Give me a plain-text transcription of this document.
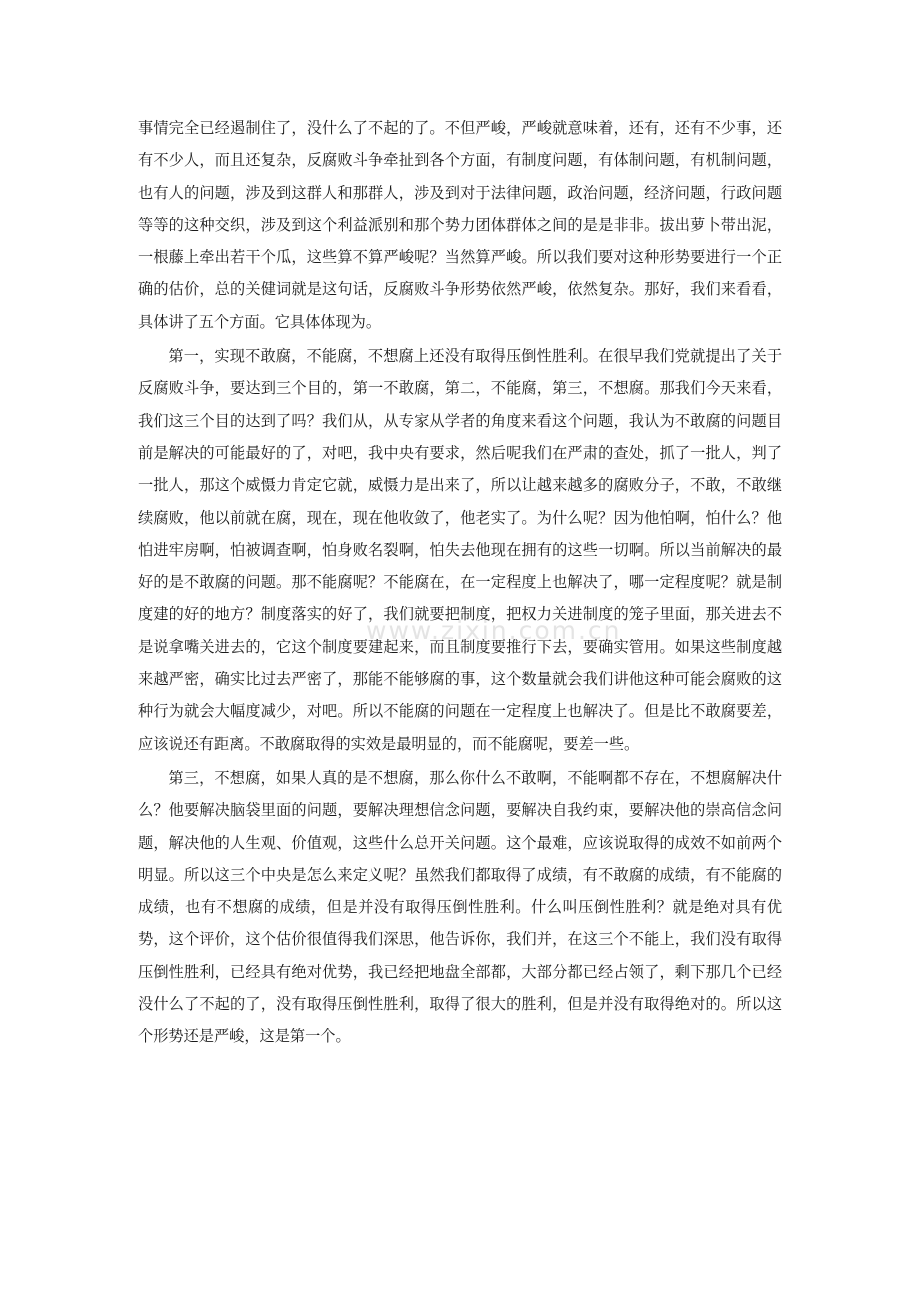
事情完全已经遏制住了，没什么了不起的了。不但严峻，严峻就意味着，还有，还有不少事，还有不少人，而且还复杂，反腐败斗争牵扯到各个方面，有制度问题，有体制问题，有机制问题，也有人的问题，涉及到这群人和那群人，涉及到对于法律问题，政治问题，经济问题，行政问题等等的这种交织，涉及到这个利益派别和那个势力团体群体之间的是是非非。拔出萝卜带出泥，一根藤上牵出若干个瓜，这些算不算严峻呢？当然算严峻。所以我们要对这种形势要进行一个正确的估价，总的关健词就是这句话，反腐败斗争形势依然严峻，依然复杂。那好，我们来看看，具体讲了五个方面。它具体体现为。

第一，实现不敢腐，不能腐，不想腐上还没有取得压倒性胜利。在很早我们党就提出了关于反腐败斗争，要达到三个目的，第一不敢腐，第二，不能腐，第三，不想腐。那我们今天来看，我们这三个目的达到了吗？我们从，从专家从学者的角度来看这个问题，我认为不敢腐的问题目前是解决的可能最好的了，对吧，我中央有要求，然后呢我们在严肃的查处，抓了一批人，判了一批人，那这个威慑力肯定它就，威慑力是出来了，所以让越来越多的腐败分子，不敢，不敢继续腐败，他以前就在腐，现在，现在他收敛了，他老实了。为什么呢？因为他怕啊，怕什么？他怕进牢房啊，怕被调查啊，怕身败名裂啊，怕失去他现在拥有的这些一切啊。所以当前解决的最好的是不敢腐的问题。那不能腐呢？不能腐在，在一定程度上也解决了，哪一定程度呢？就是制度建的好的地方？制度落实的好了，我们就要把制度，把权力关进制度的笼子里面，那关进去不是说拿嘴关进去的，它这个制度要建起来，而且制度要推行下去，要确实管用。如果这些制度越来越严密，确实比过去严密了，那能不能够腐的事，这个数量就会我们讲他这种可能会腐败的这种行为就会大幅度减少，对吧。所以不能腐的问题在一定程度上也解决了。但是比不敢腐要差，应该说还有距离。不敢腐取得的实效是最明显的，而不能腐呢，要差一些。

第三，不想腐，如果人真的是不想腐，那么你什么不敢啊，不能啊都不存在，不想腐解决什么？他要解决脑袋里面的问题，要解决理想信念问题，要解决自我约束，要解决他的崇高信念问题，解决他的人生观、价值观，这些什么总开关问题。这个最难，应该说取得的成效不如前两个明显。所以这三个中央是怎么来定义呢？虽然我们都取得了成绩，有不敢腐的成绩，有不能腐的成绩，也有不想腐的成绩，但是并没有取得压倒性胜利。什么叫压倒性胜利？就是绝对具有优势，这个评价，这个估价很值得我们深思，他告诉你，我们并，在这三个不能上，我们没有取得压倒性胜利，已经具有绝对优势，我已经把地盘全部都，大部分都已经占领了，剩下那几个已经没什么了不起的了，没有取得压倒性胜利，取得了很大的胜利，但是并没有取得绝对的。所以这个形势还是严峻，这是第一个。

www.zixin.com.cn
